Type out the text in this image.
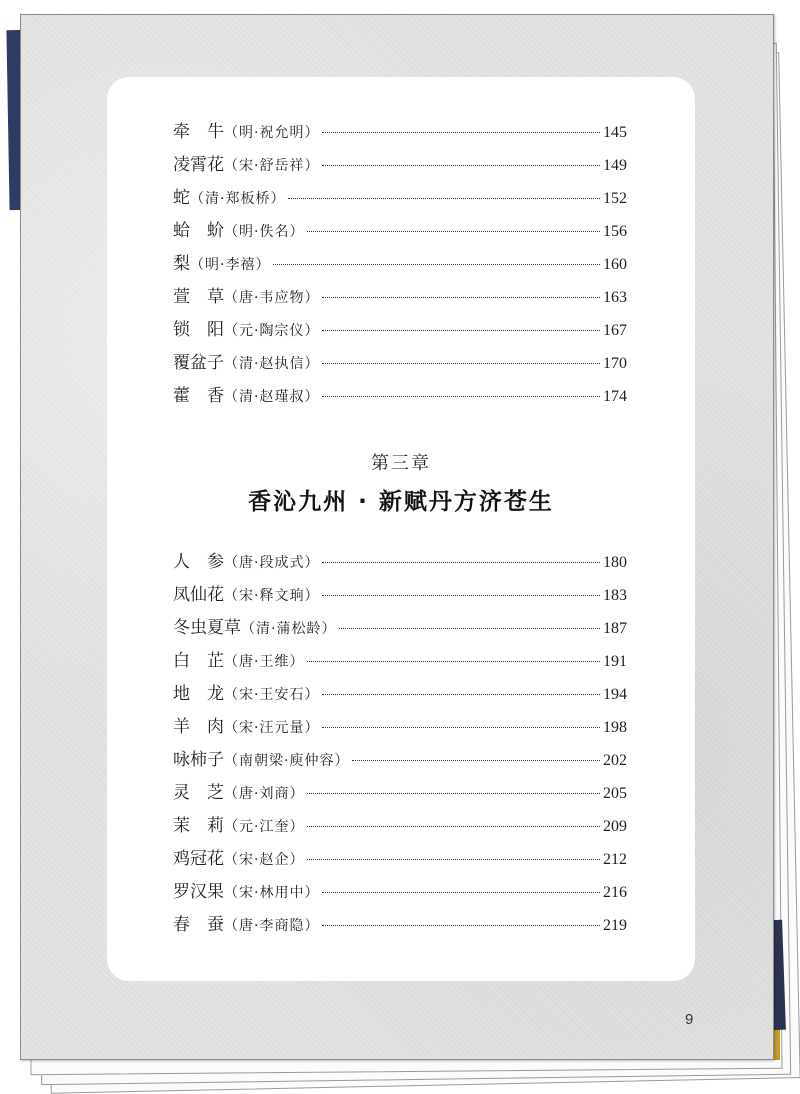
牵　牛 （明·祝允明）	145
凌霄花 （宋·舒岳祥）	149
蛇 （清·郑板桥）	152
蛤　蚧 （明·佚名）	156
梨 （明·李禧）	160
萱　草 （唐·韦应物）	163
锁　阳 （元·陶宗仪）	167
覆盆子 （清·赵执信）	170
藿　香 （清·赵瑾叔）	174
第三章
香沁九州 · 新赋丹方济苍生
人　参 （唐·段成式）	180
凤仙花 （宋·释文珦）	183
冬虫夏草 （清·蒲松龄）	187
白　芷 （唐·王维）	191
地　龙 （宋·王安石）	194
羊　肉 （宋·汪元量）	198
咏柿子 （南朝梁·庾仲容）	202
灵　芝 （唐·刘商）	205
茉　莉 （元·江奎）	209
鸡冠花 （宋·赵企）	212
罗汉果 （宋·林用中）	216
春　蚕 （唐·李商隐）	219
9
